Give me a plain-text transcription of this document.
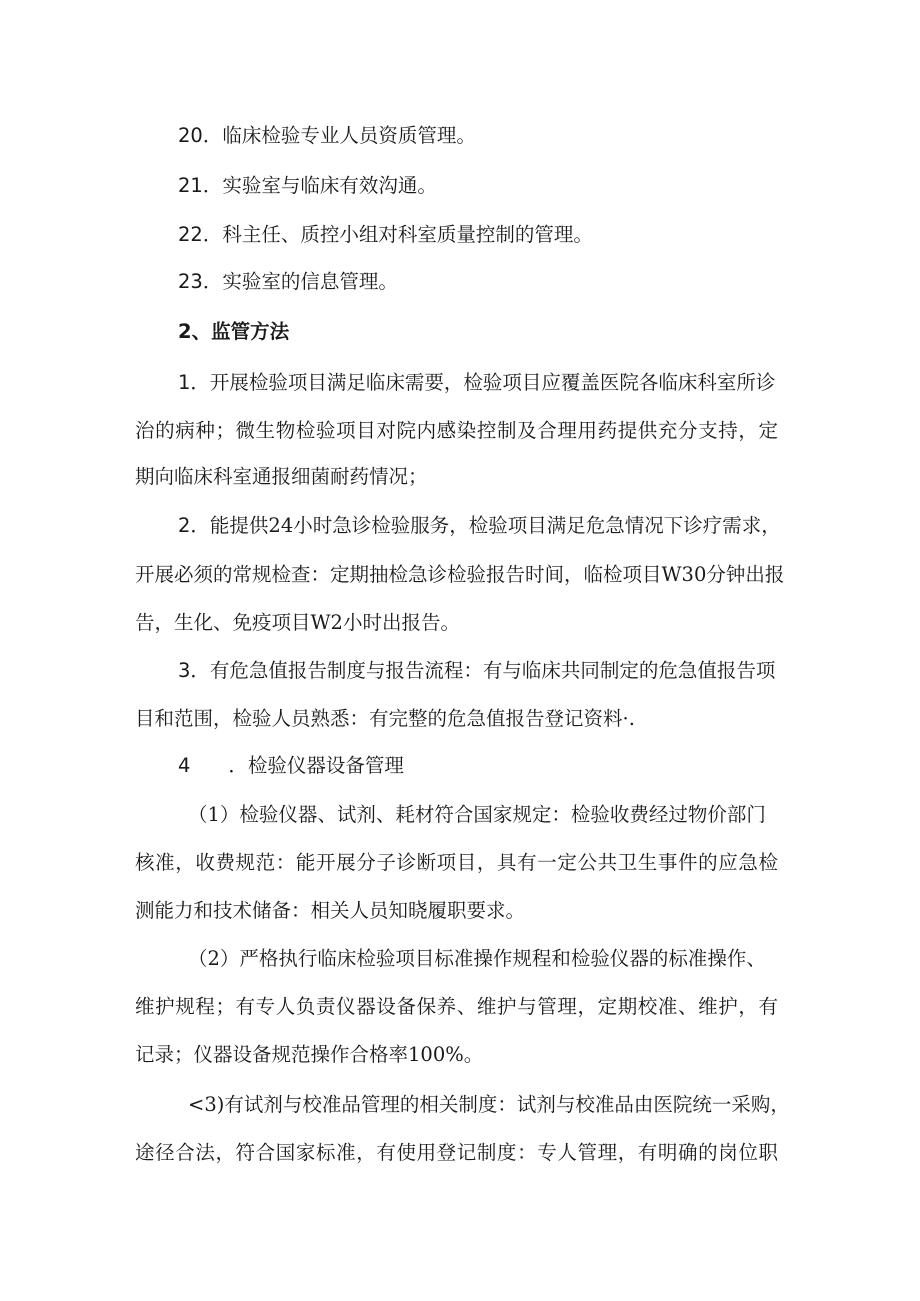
20．临床检验专业人员资质管理。
21．实验室与临床有效沟通。
22．科主任、质控小组对科室质量控制的管理。
23．实验室的信息管理。
2、监管方法
1．开展检验项目满足临床需要，检验项目应覆盖医院各临床科室所诊
治的病种；微生物检验项目对院内感染控制及合理用药提供充分支持，定
期向临床科室通报细菌耐药情况；
2．能提供24小时急诊检验服务，检验项目满足危急情况下诊疗需求，
开展必须的常规检查：定期抽检急诊检验报告时间，临检项目W30分钟出报
告，生化、免疫项目W2小时出报告。
3．有危急值报告制度与报告流程：有与临床共同制定的危急值报告项
目和范围，检验人员熟悉：有完整的危急值报告登记资料·.
4 ．检验仪器设备管理
（1）检验仪器、试剂、耗材符合国家规定：检验收费经过物价部门
核准，收费规范：能开展分子诊断项目，具有一定公共卫生事件的应急检
测能力和技术储备：相关人员知晓履职要求。
（2）严格执行临床检验项目标准操作规程和检验仪器的标准操作、
维护规程；有专人负责仪器设备保养、维护与管理，定期校准、维护，有
记录；仪器设备规范操作合格率100%。
<3)有试剂与校准品管理的相关制度：试剂与校准品由医院统一采购，
途径合法，符合国家标准，有使用登记制度：专人管理，有明确的岗位职
